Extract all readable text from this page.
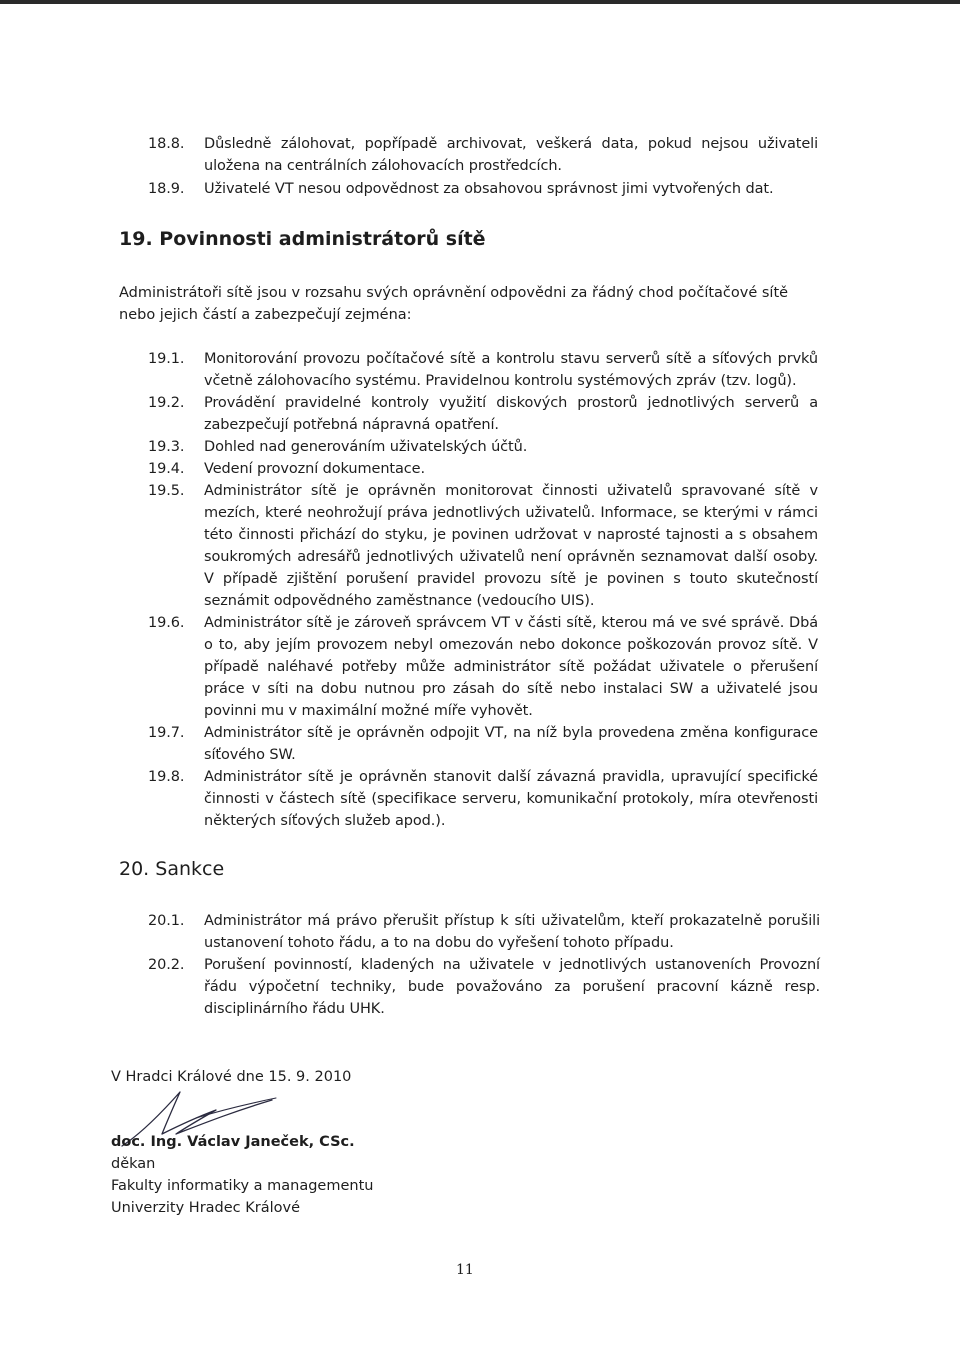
18.8. Důsledně zálohovat, popřípadě archivovat, veškerá data, pokud nejsou uživateli uložena na centrálních zálohovacích prostředcích.
18.9. Uživatelé VT nesou odpovědnost za obsahovou správnost jimi vytvořených dat.
19. Povinnosti administrátorů sítě
Administrátoři sítě jsou v rozsahu svých oprávnění odpovědni za řádný chod počítačové sítě nebo jejich částí a zabezpečují zejména:
19.1. Monitorování provozu počítačové sítě a kontrolu stavu serverů sítě a síťových prvků včetně zálohovacího systému. Pravidelnou kontrolu systémových zpráv (tzv. logů).
19.2. Provádění pravidelné kontroly využití diskových prostorů jednotlivých serverů a zabezpečují potřebná nápravná opatření.
19.3. Dohled nad generováním uživatelských účtů.
19.4. Vedení provozní dokumentace.
19.5. Administrátor sítě je oprávněn monitorovat činnosti uživatelů spravované sítě v mezích, které neohrožují práva jednotlivých uživatelů. Informace, se kterými v rámci této činnosti přichází do styku, je povinen udržovat v naprosté tajnosti a s obsahem soukromých adresářů jednotlivých uživatelů není oprávněn seznamovat další osoby. V případě zjištění porušení pravidel provozu sítě je povinen s touto skutečností seznámit odpovědného zaměstnance (vedoucího UIS).
19.6. Administrátor sítě je zároveň správcem VT v části sítě, kterou má ve své správě. Dbá o to, aby jejím provozem nebyl omezován nebo dokonce poškozován provoz sítě. V případě naléhavé potřeby může administrátor sítě požádat uživatele o přerušení práce v síti na dobu nutnou pro zásah do sítě nebo instalaci SW a uživatelé jsou povinni mu v maximální možné míře vyhovět.
19.7. Administrátor sítě je oprávněn odpojit VT, na níž byla provedena změna konfigurace síťového SW.
19.8. Administrátor sítě je oprávněn stanovit další závazná pravidla, upravující specifické činnosti v částech sítě (specifikace serveru, komunikační protokoly, míra otevřenosti některých síťových služeb apod.).
20. Sankce
20.1. Administrátor má právo přerušit přístup k síti uživatelům, kteří prokazatelně porušili ustanovení tohoto řádu, a to na dobu do vyřešení tohoto případu.
20.2. Porušení povinností, kladených na uživatele v jednotlivých ustanoveních Provozní řádu výpočetní techniky, bude považováno za porušení pracovní kázně resp. disciplinárního řádu UHK.
V Hradci Králové dne 15. 9. 2010
doc. Ing. Václav Janeček, CSc.
děkan
Fakulty informatiky a managementu
Univerzity Hradec Králové
11
